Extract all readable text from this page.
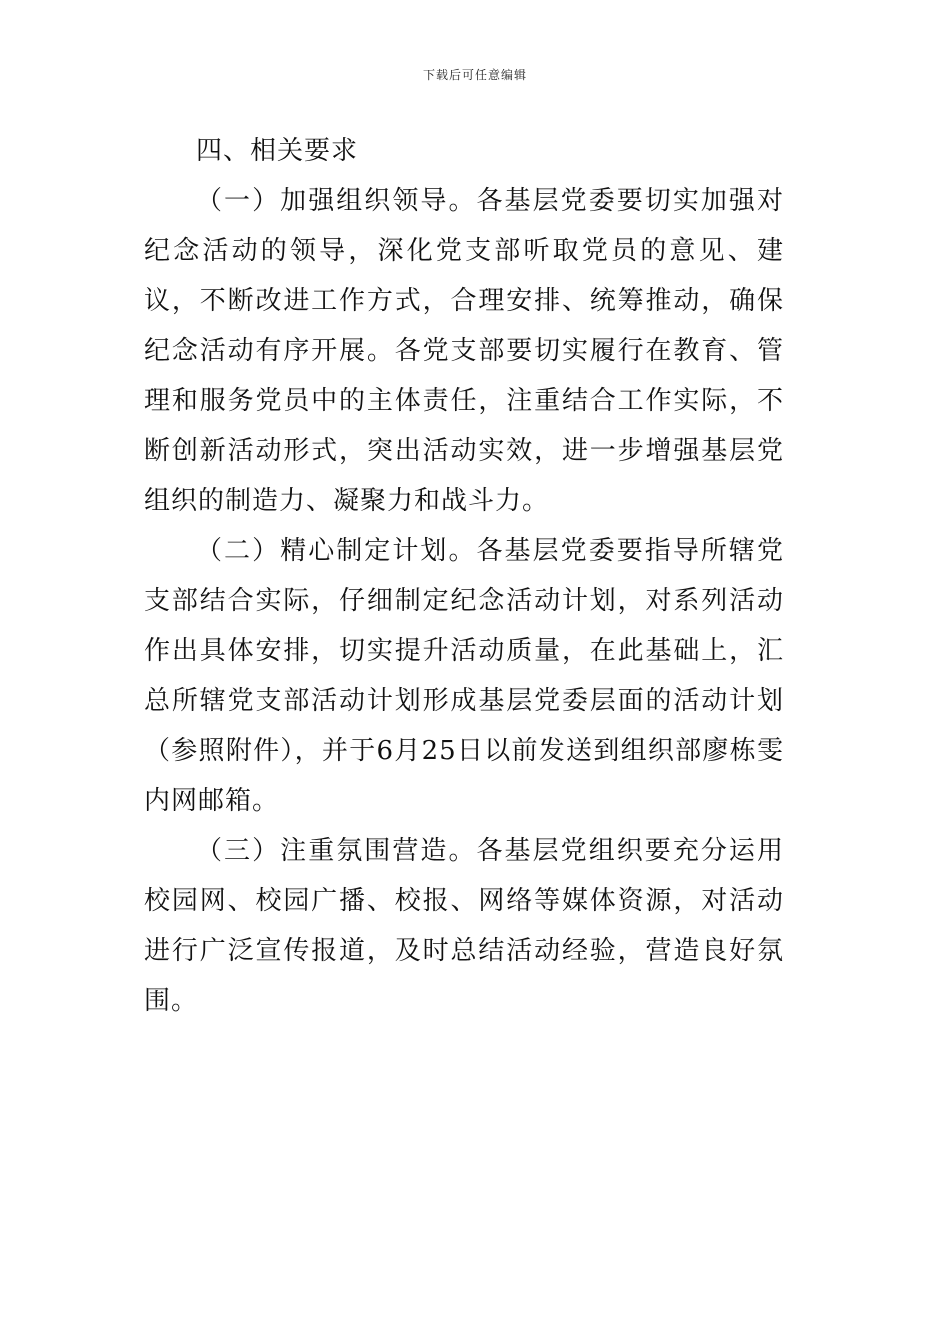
下载后可任意编辑
四、相关要求

（一）加强组织领导。各基层党委要切实加强对纪念活动的领导，深化党支部听取党员的意见、建议，不断改进工作方式，合理安排、统筹推动，确保纪念活动有序开展。各党支部要切实履行在教育、管理和服务党员中的主体责任，注重结合工作实际，不断创新活动形式，突出活动实效，进一步增强基层党组织的制造力、凝聚力和战斗力。

（二）精心制定计划。各基层党委要指导所辖党支部结合实际，仔细制定纪念活动计划，对系列活动作出具体安排，切实提升活动质量，在此基础上，汇总所辖党支部活动计划形成基层党委层面的活动计划（参照附件），并于6月25日以前发送到组织部廖栋雯内网邮箱。

（三）注重氛围营造。各基层党组织要充分运用校园网、校园广播、校报、网络等媒体资源，对活动进行广泛宣传报道，及时总结活动经验，营造良好氛围。
